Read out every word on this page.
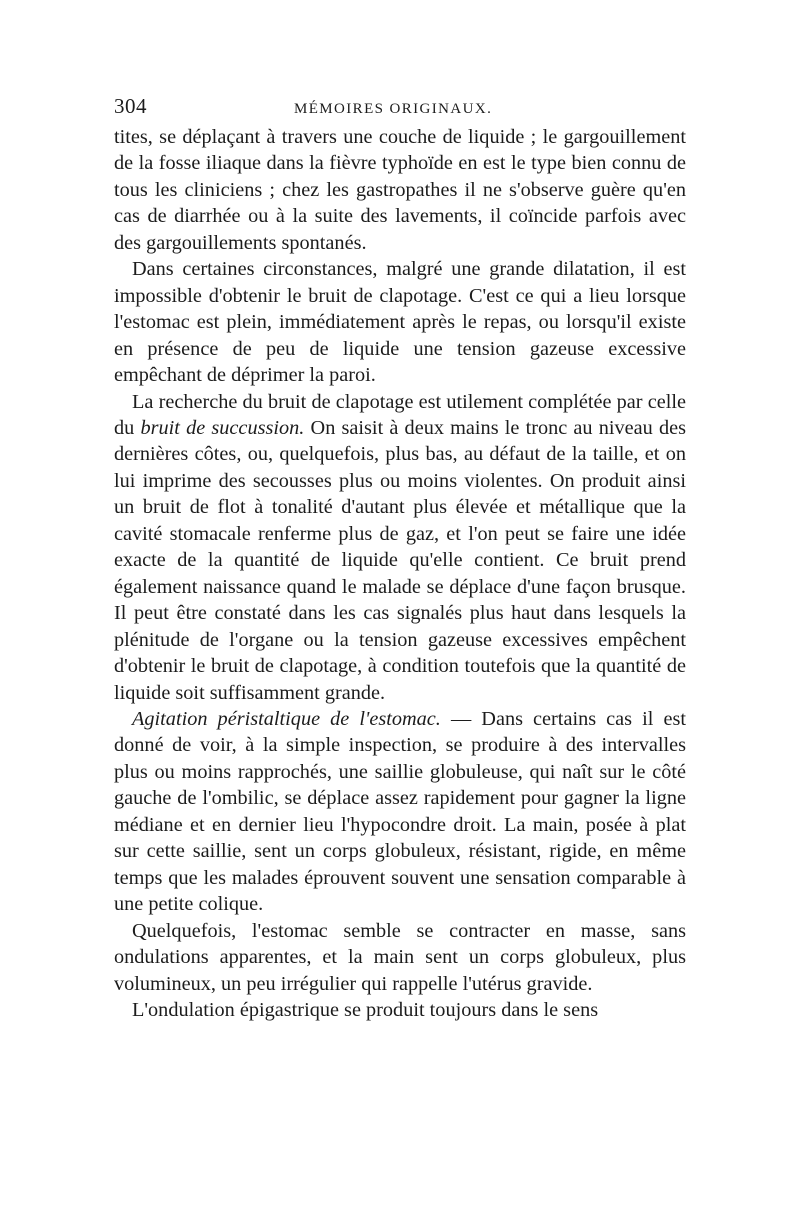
304	MÉMOIRES ORIGINAUX.

tites, se déplaçant à travers une couche de liquide ; le gargouillement de la fosse iliaque dans la fièvre typhoïde en est le type bien connu de tous les cliniciens ; chez les gastropathes il ne s'observe guère qu'en cas de diarrhée ou à la suite des lavements, il coïncide parfois avec des gargouillements spontanés.

Dans certaines circonstances, malgré une grande dilatation, il est impossible d'obtenir le bruit de clapotage. C'est ce qui a lieu lorsque l'estomac est plein, immédiatement après le repas, ou lorsqu'il existe en présence de peu de liquide une tension gazeuse excessive empêchant de déprimer la paroi.

La recherche du bruit de clapotage est utilement complétée par celle du bruit de succussion. On saisit à deux mains le tronc au niveau des dernières côtes, ou, quelquefois, plus bas, au défaut de la taille, et on lui imprime des secousses plus ou moins violentes. On produit ainsi un bruit de flot à tonalité d'autant plus élevée et métallique que la cavité stomacale renferme plus de gaz, et l'on peut se faire une idée exacte de la quantité de liquide qu'elle contient. Ce bruit prend également naissance quand le malade se déplace d'une façon brusque. Il peut être constaté dans les cas signalés plus haut dans lesquels la plénitude de l'organe ou la tension gazeuse excessives empêchent d'obtenir le bruit de clapotage, à condition toutefois que la quantité de liquide soit suffisamment grande.

Agitation péristaltique de l'estomac. — Dans certains cas il est donné de voir, à la simple inspection, se produire à des intervalles plus ou moins rapprochés, une saillie globuleuse, qui naît sur le côté gauche de l'ombilic, se déplace assez rapidement pour gagner la ligne médiane et en dernier lieu l'hypocondre droit. La main, posée à plat sur cette saillie, sent un corps globuleux, résistant, rigide, en même temps que les malades éprouvent souvent une sensation comparable à une petite colique.

Quelquefois, l'estomac semble se contracter en masse, sans ondulations apparentes, et la main sent un corps globuleux, plus volumineux, un peu irrégulier qui rappelle l'utérus gravide.

L'ondulation épigastrique se produit toujours dans le sens
